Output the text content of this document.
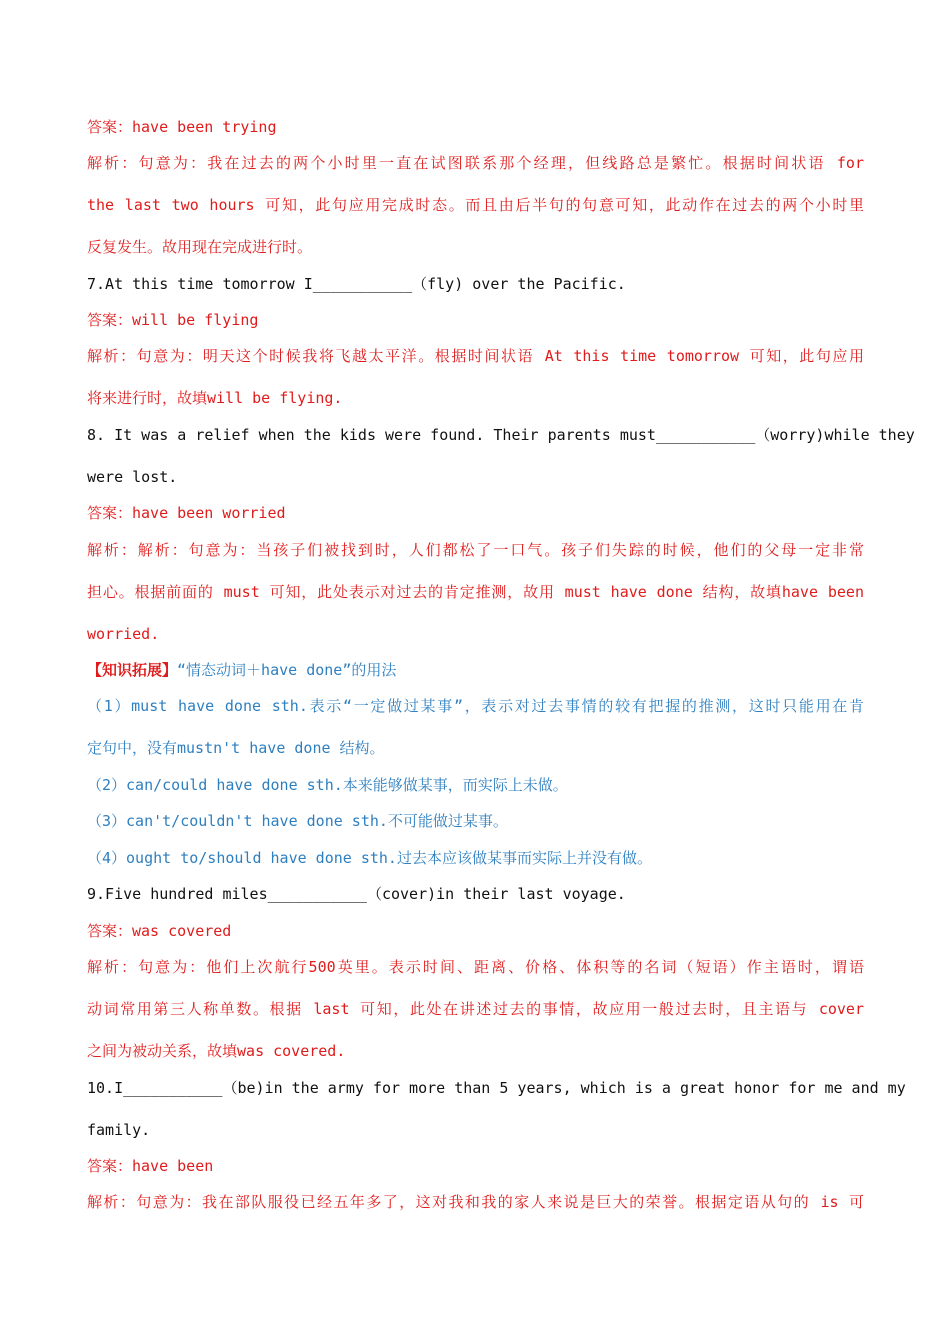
答案：have been trying
解析：句意为：我在过去的两个小时里一直在试图联系那个经理，但线路总是繁忙。根据时间状语 for
the last two hours 可知，此句应用完成时态。而且由后半句的句意可知，此动作在过去的两个小时里
反复发生。故用现在完成进行时。
7.At this time tomorrow I___________（fly) over the Pacific.
答案：will be flying
解析：句意为：明天这个时候我将飞越太平洋。根据时间状语 At this time tomorrow 可知，此句应用
将来进行时，故填will be flying.
8. It was a relief when the kids were found. Their parents must___________（worry)while they
were lost.
答案：have been worried
解析：解析：句意为：当孩子们被找到时，人们都松了一口气。孩子们失踪的时候，他们的父母一定非常
担心。根据前面的 must 可知，此处表示对过去的肯定推测，故用 must have done 结构，故填have been
worried.
【知识拓展】“情态动词＋have done”的用法
（1）must have done sth.表示“一定做过某事”，表示对过去事情的较有把握的推测，这时只能用在肯
定句中，没有mustn't have done 结构。
（2）can/could have done sth.本来能够做某事，而实际上未做。
（3）can't/couldn't have done sth.不可能做过某事。
（4）ought to/should have done sth.过去本应该做某事而实际上并没有做。
9.Five hundred miles___________（cover)in their last voyage.
答案：was covered
解析：句意为：他们上次航行500英里。表示时间、距离、价格、体积等的名词（短语）作主语时，谓语
动词常用第三人称单数。根据 last 可知，此处在讲述过去的事情，故应用一般过去时，且主语与 cover
之间为被动关系，故填was covered.
10.I___________（be)in the army for more than 5 years, which is a great honor for me and my
family.
答案：have been
解析：句意为：我在部队服役已经五年多了，这对我和我的家人来说是巨大的荣誉。根据定语从句的 is 可
